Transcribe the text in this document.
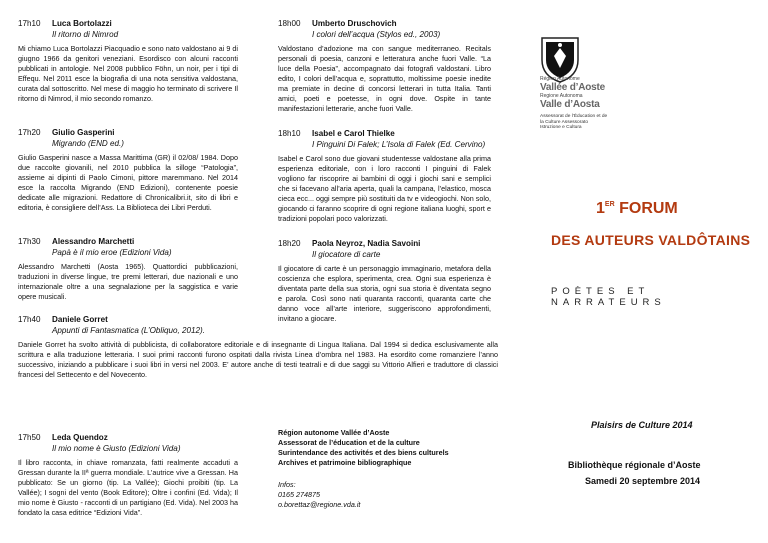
17h10 Luca Bortolazzi
Il ritorno di Nimrod
Mi chiamo Luca Bortolazzi Piacquadio e sono nato valdostano ai 9 di giugno 1966 da genitori veneziani. Esordisco con alcuni racconti pubblicati in antologie. Nel 2008 pubblico Föhn, un noir, per i tipi di Effequ. Nel 2011 esce la biografia di una nota sensitiva valdostana, curata dal sottoscritto. Nel mese di maggio ho terminato di scrivere Il ritorno di Nimrod, il mio secondo romanzo.
17h20 Giulio Gasperini
Migrando (END ed.)
Giulio Gasperini nasce a Massa Marittima (GR) il 02/08/ 1984. Dopo due raccolte giovanili, nel 2010 pubblica la silloge “Patologia”, assieme ai dipinti di Paolo Cimoni, pittore maremmano. Nel 2014 esce la raccolta Migrando (END Edizioni), contenente poesie dedicate alle migrazioni. Redattore di Chronicalibri.it, sito di libri e editoria, è consigliere dell’Ass. La Biblioteca dei Libri Perduti.
17h30 Alessandro Marchetti
Papà è il mio eroe (Edizioni Vida)
Alessandro Marchetti (Aosta 1965). Quattordici pubblicazioni, traduzioni in diverse lingue, tre premi letterari, due nazionali e uno internazionale oltre a una segnalazione per la saggistica e varie opere musicali.
17h40 Daniele Gorret
Appunti di Fantasmatica (L’Obliquo, 2012).
Daniele Gorret ha svolto attività di pubblicista, di collaboratore editoriale e di insegnante di Lingua Italiana. Dal 1994 si dedica esclusivamente alla scrittura e alla traduzione letteraria. I suoi primi racconti furono ospitati dalla rivista Linea d’ombra nel 1983. Ha esordito come romanziere l’anno successivo, iniziando a pubblicare i suoi libri in versi nel 2003. E’ autore anche di testi teatrali e di due saggi su Vittorio Alfieri e traduttore di classici francesi del Settecento e del Novecento.
17h50 Leda Quendoz
Il mio nome è Giusto (Edizioni Vida)
Il libro racconta, in chiave romanzata, fatti realmente accaduti a Gressan durante la IIª guerra mondiale. L’autrice vive a Gressan. Ha pubblicato: Se un giorno (tip. La Vallée); Giochi proibiti (tip. La Vallée); I sogni del vento (Book Editore); Oltre i confini (Ed. Vida); Il mio nome è Giusto - racconti di un partigiano (Ed. Vida). Nel 2003 ha fondato la casa editrice “Edizioni Vida”.
18h00 Umberto Druschovich
I colori dell’acqua (Stylos ed., 2003)
Valdostano d’adozione ma con sangue mediterraneo. Recitals personali di poesia, canzoni e letteratura anche fuori Valle. “La luce della Poesia”, accompagnato dai fotografi valdostani. Libro edito, I colori dell’acqua e, soprattutto, moltissime poesie inedite ma premiate in decine di concorsi letterari in tutta Italia. Tanti amici, poeti e poetesse, in ogni dove. Ospite in tante manifestazioni letterarie, anche fuori Valle.
18h10 Isabel e Carol Thielke
I Pinguini Di Falek; L’Isola di Falek (Ed. Cervino)
Isabel e Carol sono due giovani studentesse valdostane alla prima esperienza editoriale, con i loro racconti I pinguini di Falek vogliono far riscoprire ai bambini di oggi i giochi sani e semplici che si facevano all’aria aperta, quali la campana, l’elastico, mosca cieca ecc... oggi sempre più sostituiti da tv e videogiochi. Non solo, giocando ci faranno scoprire di ogni regione italiana luoghi, sport e tradizioni popolari poco valorizzati.
18h20 Paola Neyroz, Nadia Savoini
Il giocatore di carte
Il giocatore di carte è un personaggio immaginario, metafora della coscienza che esplora, sperimenta, crea. Ogni sua esperienza è diventata parte della sua storia, ogni sua storia è diventata segno e parola. Così sono nati quaranta racconti, quaranta carte che danno voce all’arte interiore, suggeriscono approfondimenti, invitano a giocare.
Région autonome Vallée d’Aoste
Assessorat de l’éducation et de la culture
Surintendance des activités et des biens culturels
Archives et patrimoine bibliographique
Infos:
0165 274875
o.borettaz@regione.vda.it
Région Autonome
Vallée d’Aoste
Regione Autonoma
Valle d’Aosta
Assessorat de l’Éducation et de la Culture Assessorato Istruzione e Cultura
1ER FORUM
DES AUTEURS VALDÔTAINS
POÈTES ET NARRATEURS
Plaisirs de Culture 2014
Bibliothèque régionale d’Aoste
Samedi 20 septembre 2014
